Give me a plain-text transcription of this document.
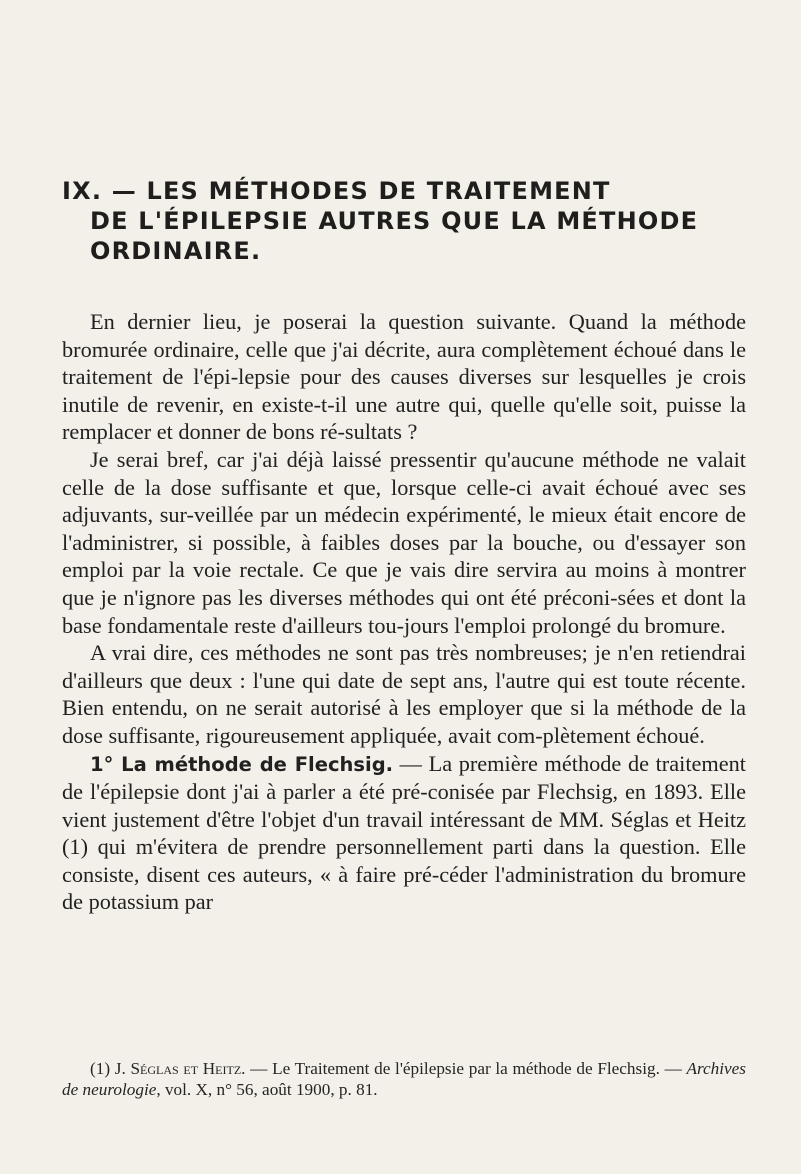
IX. — LES MÉTHODES DE TRAITEMENT
DE L'ÉPILEPSIE AUTRES QUE LA MÉTHODE
ORDINAIRE.

En dernier lieu, je poserai la question suivante. Quand la méthode bromurée ordinaire, celle que j'ai décrite, aura complètement échoué dans le traitement de l'épi-lepsie pour des causes diverses sur lesquelles je crois inutile de revenir, en existe-t-il une autre qui, quelle qu'elle soit, puisse la remplacer et donner de bons ré-sultats ?

Je serai bref, car j'ai déjà laissé pressentir qu'aucune méthode ne valait celle de la dose suffisante et que, lorsque celle-ci avait échoué avec ses adjuvants, sur-veillée par un médecin expérimenté, le mieux était encore de l'administrer, si possible, à faibles doses par la bouche, ou d'essayer son emploi par la voie rectale. Ce que je vais dire servira au moins à montrer que je n'ignore pas les diverses méthodes qui ont été préconi-sées et dont la base fondamentale reste d'ailleurs tou-jours l'emploi prolongé du bromure.

A vrai dire, ces méthodes ne sont pas très nombreuses; je n'en retiendrai d'ailleurs que deux : l'une qui date de sept ans, l'autre qui est toute récente. Bien entendu, on ne serait autorisé à les employer que si la méthode de la dose suffisante, rigoureusement appliquée, avait com-plètement échoué.

1° La méthode de Flechsig. — La première méthode de traitement de l'épilepsie dont j'ai à parler a été pré-conisée par Flechsig, en 1893. Elle vient justement d'être l'objet d'un travail intéressant de MM. Séglas et Heitz (1) qui m'évitera de prendre personnellement parti dans la question. Elle consiste, disent ces auteurs, « à faire pré-céder l'administration du bromure de potassium par

(1) J. Séglas et Heitz. — Le Traitement de l'épilepsie par la méthode de Flechsig. — Archives de neurologie, vol. X, n° 56, août 1900, p. 81.
